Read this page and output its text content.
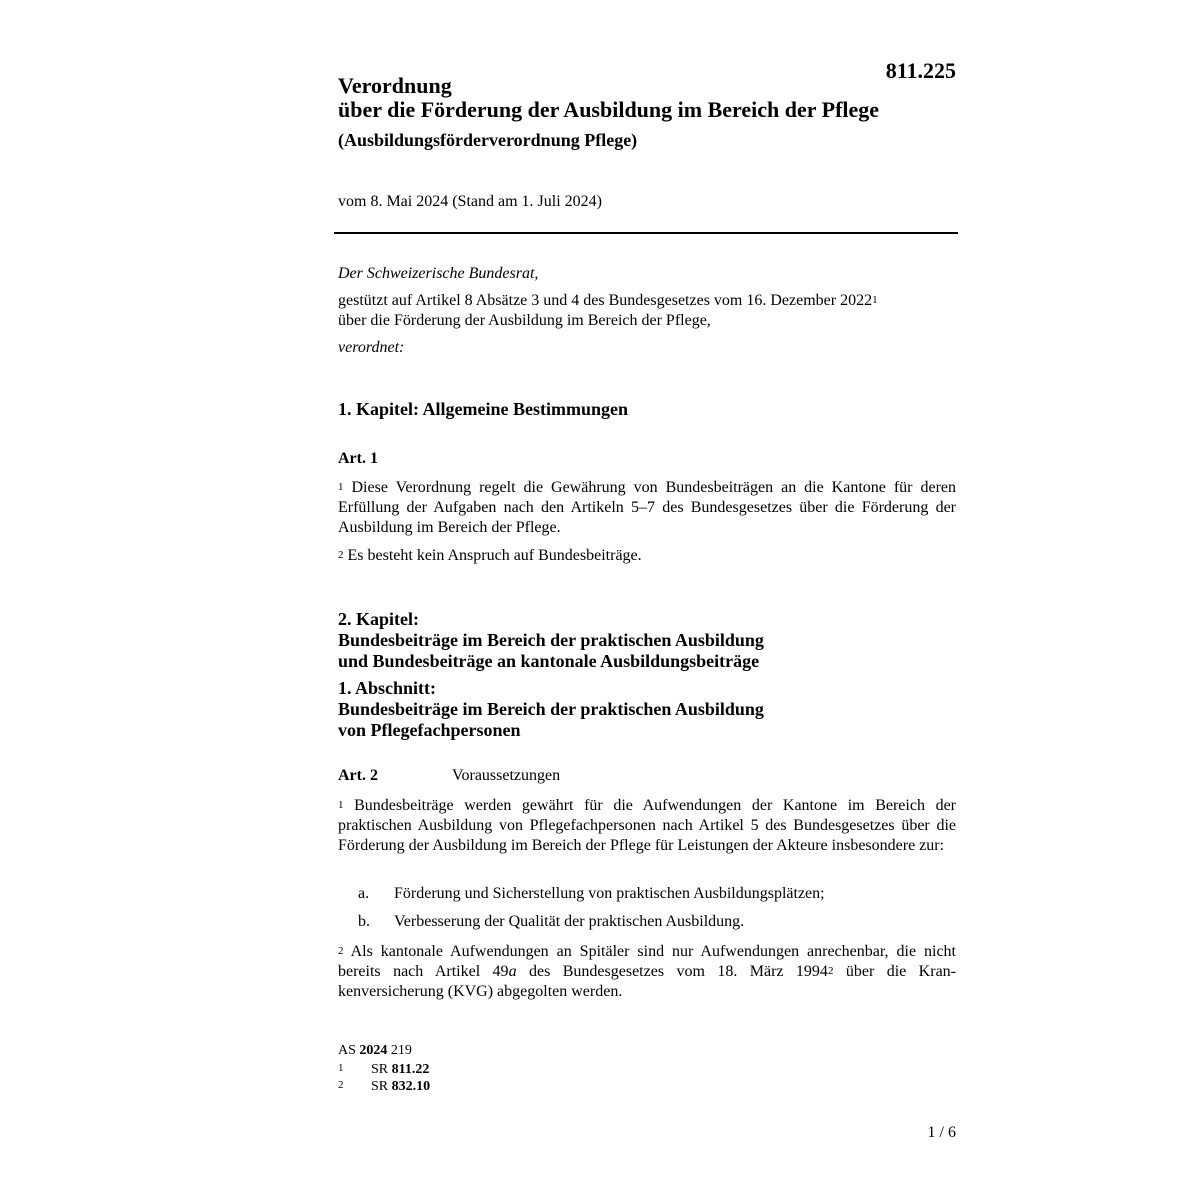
811.225
Verordnung
über die Förderung der Ausbildung im Bereich der Pflege
(Ausbildungsförderverordnung Pflege)
vom 8. Mai 2024 (Stand am 1. Juli 2024)
Der Schweizerische Bundesrat,
gestützt auf Artikel 8 Absätze 3 und 4 des Bundesgesetzes vom 16. Dezember 2022$^1$
über die Förderung der Ausbildung im Bereich der Pflege,
verordnet:
1. Kapitel: Allgemeine Bestimmungen
Art. 1
$^1$ Diese Verordnung regelt die Gewährung von Bundesbeiträgen an die Kantone für deren Erfüllung der Aufgaben nach den Artikeln 5–7 des Bundesgesetzes über die Förderung der Ausbildung im Bereich der Pflege.
$^2$ Es besteht kein Anspruch auf Bundesbeiträge.
2. Kapitel:
Bundesbeiträge im Bereich der praktischen Ausbildung
und Bundesbeiträge an kantonale Ausbildungsbeiträge
1. Abschnitt:
Bundesbeiträge im Bereich der praktischen Ausbildung
von Pflegefachpersonen
Art. 2	Voraussetzungen
$^1$ Bundesbeiträge werden gewährt für die Aufwendungen der Kantone im Bereich der praktischen Ausbildung von Pflegefachpersonen nach Artikel 5 des Bundesgesetzes über die Förderung der Ausbildung im Bereich der Pflege für Leistungen der Akteure insbesondere zur:
a. Förderung und Sicherstellung von praktischen Ausbildungsplätzen;
b. Verbesserung der Qualität der praktischen Ausbildung.
$^2$ Als kantonale Aufwendungen an Spitäler sind nur Aufwendungen anrechenbar, die nicht bereits nach Artikel 49a des Bundesgesetzes vom 18. März 1994$^2$ über die Kran-kenversicherung (KVG) abgegolten werden.
AS 2024 219
1 SR 811.22
2 SR 832.10
1 / 6
